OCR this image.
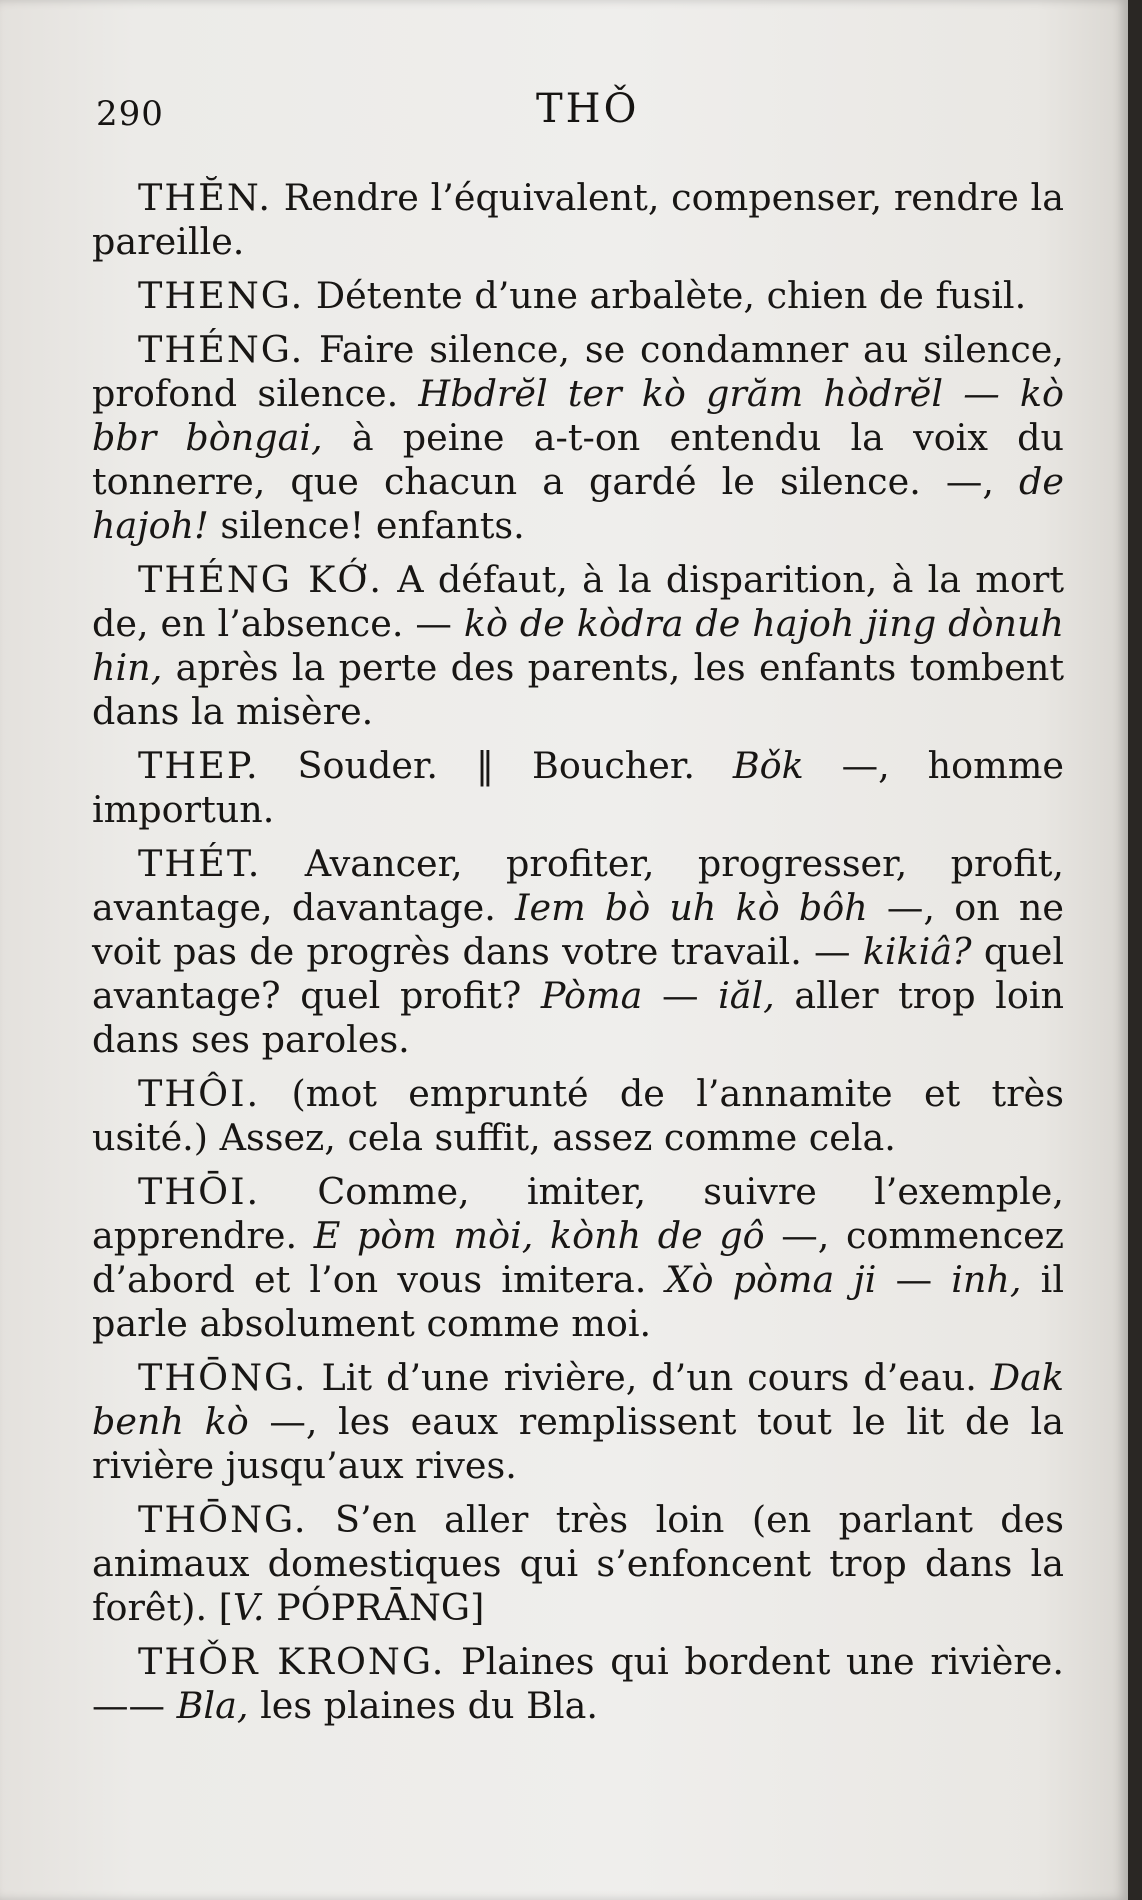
290	THǑ

THĔN. Rendre l’équivalent, compenser, rendre la pareille.

THENG. Détente d’une arbalète, chien de fusil.

THÉNG. Faire silence, se condamner au silence, profond silence. Hbdrĕl ter kò grăm hòdrĕl — kò bbr bòngai, à peine a-t-on entendu la voix du tonnerre, que chacun a gardé le silence. —, de hajoh! silence! enfants.

THÉNG KỚ. A défaut, à la disparition, à la mort de, en l’absence. — kò de kòdra de hajoh jing dònuh hin, après la perte des parents, les enfants tombent dans la misère.

THEP. Souder. ‖ Boucher. Bǒk —, homme importun.

THÉT. Avancer, profiter, progresser, profit, avantage, davantage. Iem bò uh kò bôh —, on ne voit pas de progrès dans votre travail. — kikiâ? quel avantage? quel profit? Pòma — iăl, aller trop loin dans ses paroles.

THÔI. (mot emprunté de l’annamite et très usité.) Assez, cela suffit, assez comme cela.

THŌI. Comme, imiter, suivre l’exemple, apprendre. E pòm mòi, kònh de gô —, commencez d’abord et l’on vous imitera. Xò pòma ji — inh, il parle absolument comme moi.

THŌNG. Lit d’une rivière, d’un cours d’eau. Dak benh kò —, les eaux remplissent tout le lit de la rivière jusqu’aux rives.

THŌNG. S’en aller très loin (en parlant des animaux domestiques qui s’enfoncent trop dans la forêt). [V. PÓPRĀNG]

THǑR KRONG. Plaines qui bordent une rivière. —— Bla, les plaines du Bla.
